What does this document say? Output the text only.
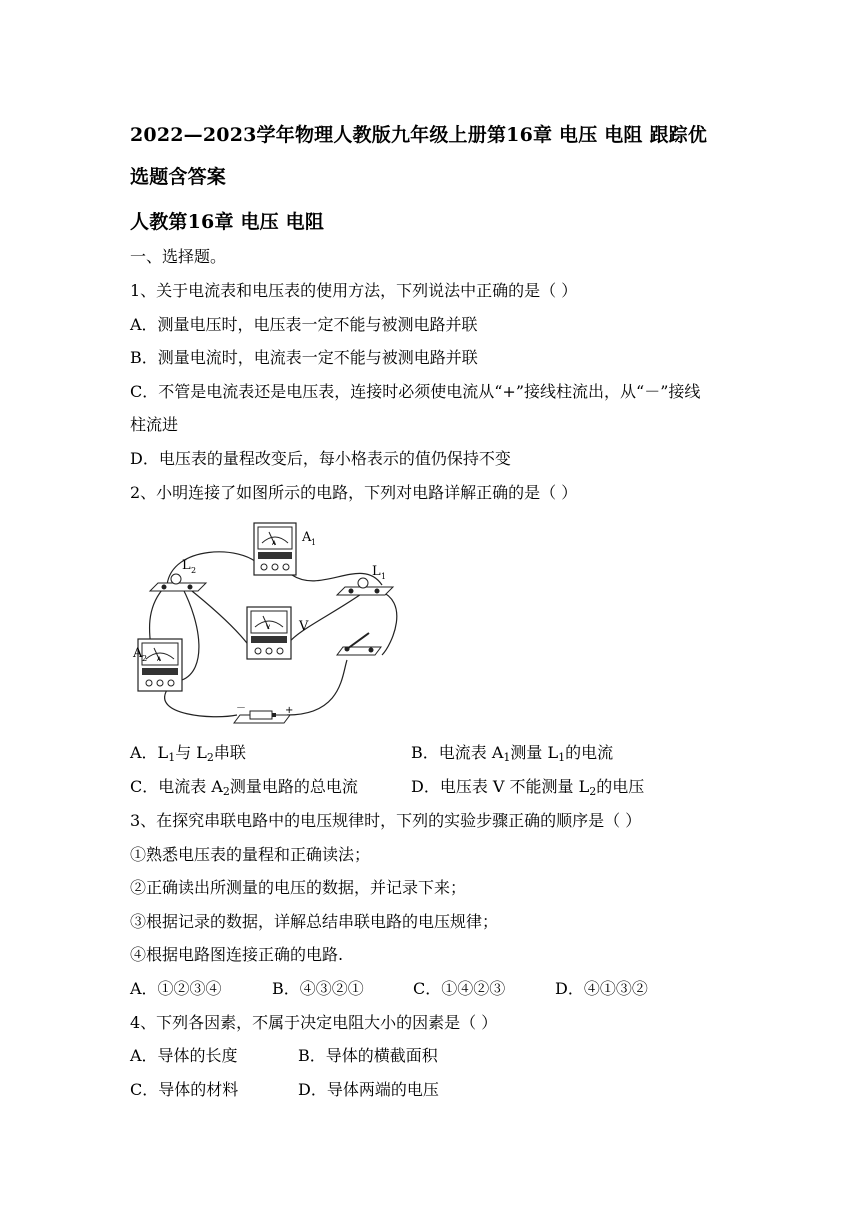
2022—2023学年物理人教版九年级上册第16章 电压 电阻 跟踪优
选题含答案
人教第16章 电压 电阻
一、选择题。
1、关于电流表和电压表的使用方法，下列说法中正确的是（ ）
A．测量电压时，电压表一定不能与被测电路并联
B．测量电流时，电流表一定不能与被测电路并联
C．不管是电流表还是电压表，连接时必须使电流从“+”接线柱流出，从“－”接线
柱流进
D．电压表的量程改变后，每小格表示的值仍保持不变
2、小明连接了如图所示的电路，下列对电路详解正确的是（ ）
A A 1
L 2	L 1
V V
A
A 2
－	+
A．$L_1$与 $L_2$串联	B．电流表 $A_1$测量 $L_1$的电流
C．电流表 $A_2$测量电路的总电流	D．电压表 V 不能测量 $L_2$的电压
3、在探究串联电路中的电压规律时，下列的实验步骤正确的顺序是（ ）
①熟悉电压表的量程和正确读法；
②正确读出所测量的电压的数据，并记录下来；
③根据记录的数据，详解总结串联电路的电压规律；
④根据电路图连接正确的电路.
A．①②③④	B．④③②①	C．①④②③	D．④①③②
4、下列各因素，不属于决定电阻大小的因素是（ ）
A．导体的长度	B．导体的横截面积
C．导体的材料	D．导体两端的电压
